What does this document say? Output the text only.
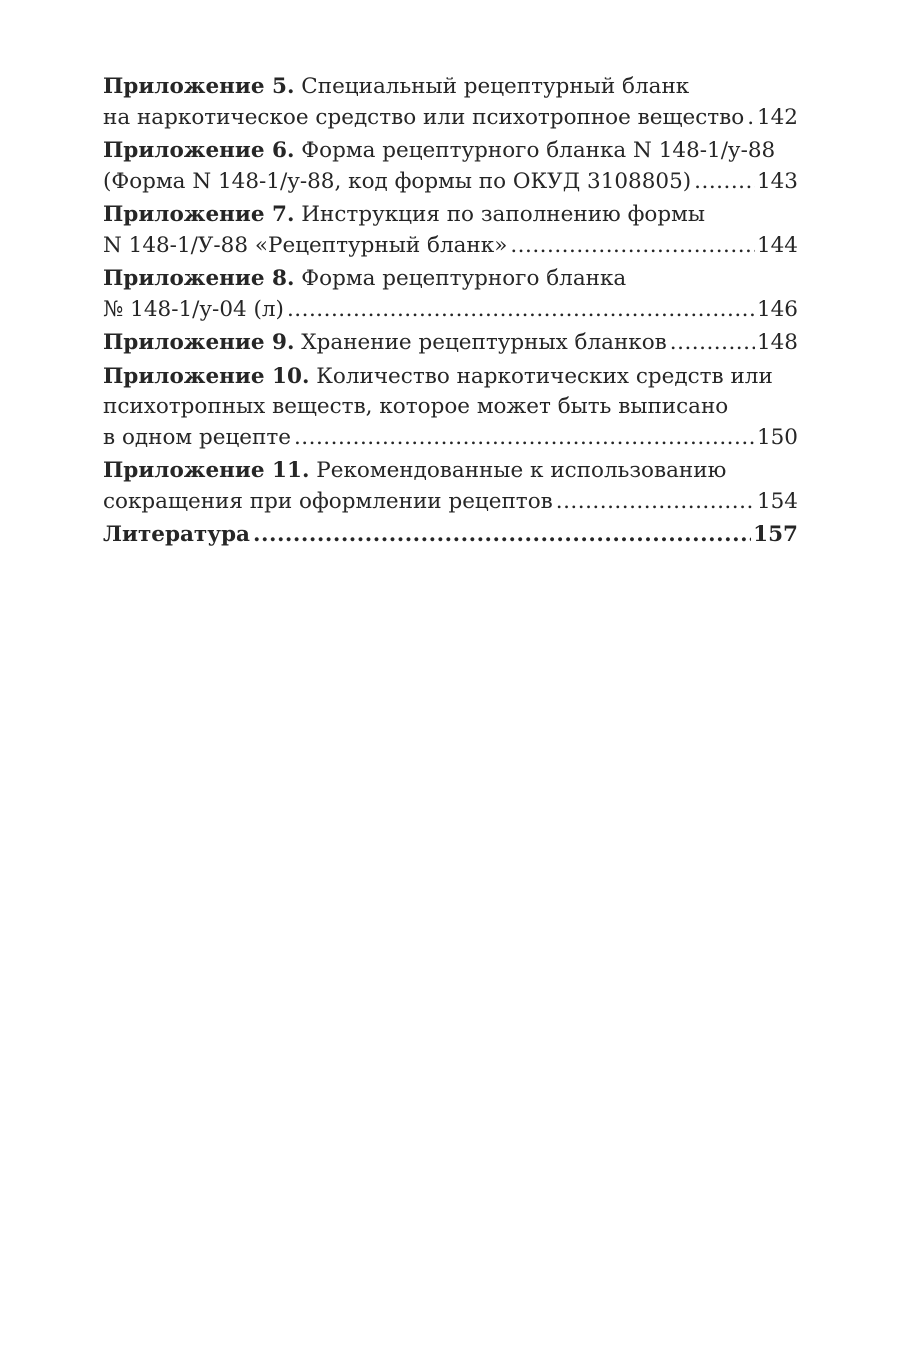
Приложение 5. Специальный рецептурный бланк
на наркотическое средство или психотропное вещество ..... 142
Приложение 6. Форма рецептурного бланка N 148-1/у-88
(Форма N 148-1/у-88, код формы по ОКУД 3108805) .....	143
Приложение 7. Инструкция по заполнению формы
N 148-1/У-88 «Рецептурный бланк» .....	144
Приложение 8. Форма рецептурного бланка
№ 148-1/у-04 (л) .....	146
Приложение 9. Хранение рецептурных бланков .....	148
Приложение 10. Количество наркотических средств или
психотропных веществ, которое может быть выписано
в одном рецепте .....	150
Приложение 11. Рекомендованные к использованию
сокращения при оформлении рецептов .....	154
Литература .....	157
